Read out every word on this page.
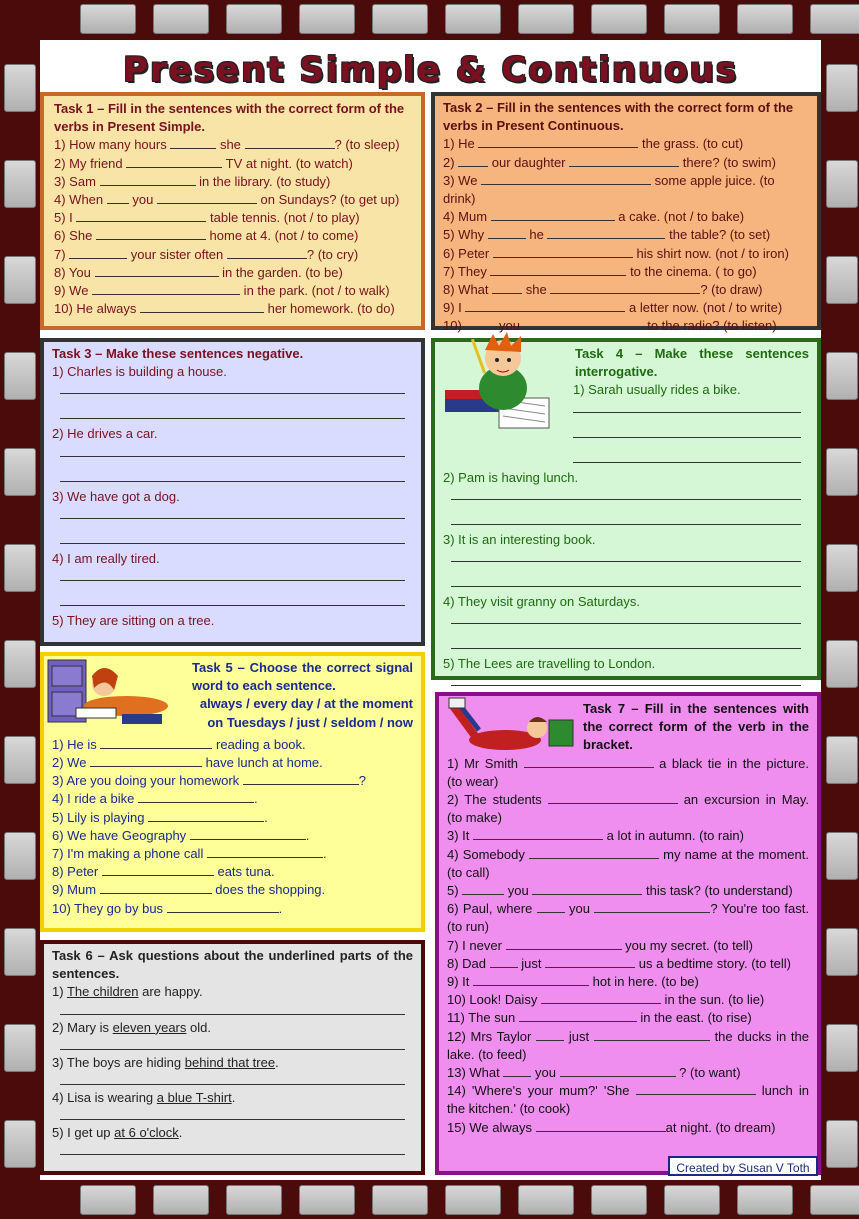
Present Simple & Continuous
Task 1 – Fill in the sentences with the correct form of the verbs in Present Simple.
1) How many hours	she	? (to sleep)
2) My friend	TV at night. (to watch)
3) Sam	in the library. (to study)
4) When  you	on Sundays? (to get up)
5) I	table tennis. (not / to play)
6) She	home at 4. (not / to come)
7)	your sister often	? (to cry)
8) You	in the garden. (to be)
9) We	in the park. (not / to walk)
10) He always	her homework. (to do)
Task 2 – Fill in the sentences with the correct form of the verbs in Present Continuous.
1) He	the grass. (to cut)
2)  our daughter	there? (to swim)
3) We	some apple juice. (to drink)
4) Mum	a cake. (not / to bake)
5) Why	he	the table? (to set)
6) Peter	his shirt now. (not / to iron)
7) They	to the cinema. ( to go)
8) What  she	? (to draw)
9) I	a letter now. (not / to write)
10)  you	to the radio? (to listen)
Task 3 – Make these sentences negative.
1) Charles is building a house.
2) He drives a car.
3) We have got a dog.
4) I am really tired.
5) They are sitting on a tree.
Task 4 – Make these sentences interrogative.
1) Sarah usually rides a bike.
2) Pam is having lunch.
3) It is an interesting book.
4) They visit granny on Saturdays.
5) The Lees are travelling to London.
Task 5 – Choose the correct signal word to each sentence.
always / every day / at the moment on Tuesdays / just / seldom / now
1) He is	reading a book.
2) We	have lunch at home.
3) Are you doing your homework	?
4) I ride a bike	.
5) Lily is playing	.
6) We have Geography	.
7) I'm making a phone call	.
8) Peter	eats tuna.
9) Mum	does the shopping.
10) They go by bus	.
Task 6 – Ask questions about the underlined parts of the sentences.
1) The children are happy.
2) Mary is eleven years old.
3) The boys are hiding behind that tree.
4) Lisa is wearing a blue T-shirt.
5) I get up at 6 o'clock.
Task 7 – Fill in the sentences with the correct form of the verb in the bracket.
1) Mr Smith	a black tie in the picture. (to wear)
2) The students	an excursion in May. (to make)
3) It	a lot in autumn. (to rain)
4) Somebody	my name at the moment. (to call)
5)	you	this task? (to understand)
6) Paul, where  you	? You're too fast. (to run)
7) I never	you my secret. (to tell)
8) Dad  just	us a bedtime story. (to tell)
9) It	hot in here. (to be)
10) Look! Daisy	in the sun. (to lie)
11) The sun	in the east. (to rise)
12) Mrs Taylor  just	the ducks in the lake. (to feed)
13) What  you	? (to want)
14) 'Where's your mum?' 'She	lunch in the kitchen.' (to cook)
15) We always	at night. (to dream)
Created by Susan V Toth
